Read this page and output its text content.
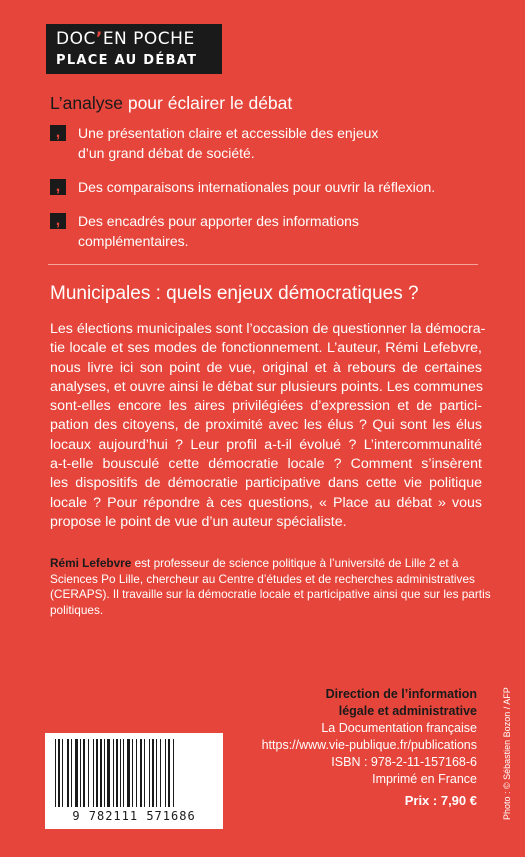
DOC’EN POCHE
PLACE AU DÉBAT
L’analyse pour éclairer le débat
,	Une présentation claire et accessible des enjeux
d’un grand débat de société.
,	Des comparaisons internationales pour ouvrir la réflexion.
,	Des encadrés pour apporter des informations
complémentaires.
Municipales : quels enjeux démocratiques ?
Les élections municipales sont l’occasion de questionner la démocra-
tie locale et ses modes de fonctionnement. L’auteur, Rémi Lefebvre,
nous livre ici son point de vue, original et à rebours de certaines
analyses, et ouvre ainsi le débat sur plusieurs points. Les communes
sont-elles encore les aires privilégiées d’expression et de partici-
pation des citoyens, de proximité avec les élus ? Qui sont les élus
locaux aujourd’hui ? Leur profil a-t-il évolué ? L’intercommunalité
a-t-elle bousculé cette démocratie locale ? Comment s’insèrent
les dispositifs de démocratie participative dans cette vie politique
locale ? Pour répondre à ces questions, « Place au débat » vous
propose le point de vue d’un auteur spécialiste.
Rémi Lefebvre est professeur de science politique à l’université de Lille 2 et à
Sciences Po Lille, chercheur au Centre d’études et de recherches administratives
(CERAPS). Il travaille sur la démocratie locale et participative ainsi que sur les partis
politiques.
9 782111 571686
Direction de l’information
légale et administrative
La Documentation française
https://www.vie-publique.fr/publications
ISBN : 978-2-11-157168-6
Imprimé en France
Prix : 7,90 €	Photo : © Sébastien Bozon / AFP
